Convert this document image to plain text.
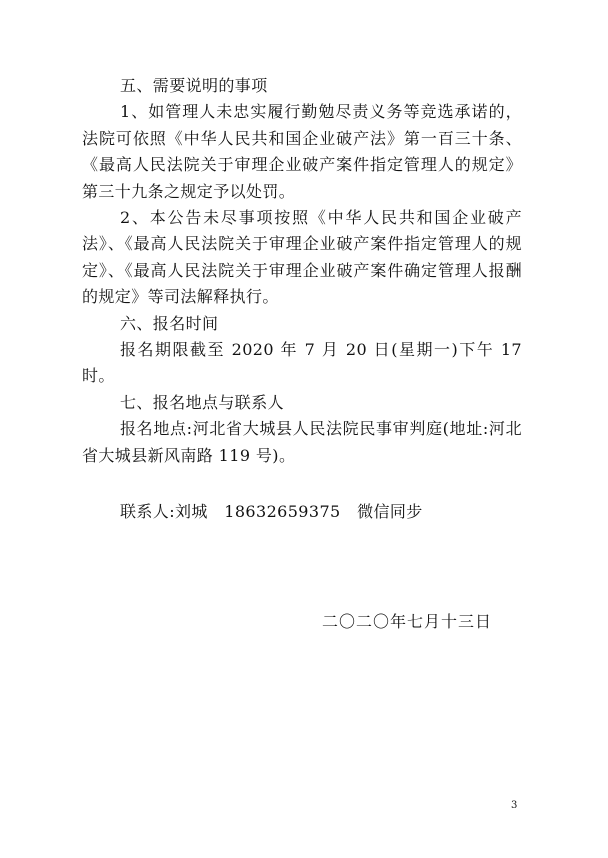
五、需要说明的事项

1、如管理人未忠实履行勤勉尽责义务等竞选承诺的，法院可依照《中华人民共和国企业破产法》第一百三十条、《最高人民法院关于审理企业破产案件指定管理人的规定》第三十九条之规定予以处罚。

2、本公告未尽事项按照《中华人民共和国企业破产法》、《最高人民法院关于审理企业破产案件指定管理人的规定》、《最高人民法院关于审理企业破产案件确定管理人报酬的规定》等司法解释执行。

六、报名时间

报名期限截至 2020 年 7 月 20 日(星期一)下午 17 时。

七、报名地点与联系人

报名地点:河北省大城县人民法院民事审判庭(地址:河北省大城县新风南路 119 号)。

联系人:刘城   18632659375   微信同步

二〇二〇年七月十三日
3
